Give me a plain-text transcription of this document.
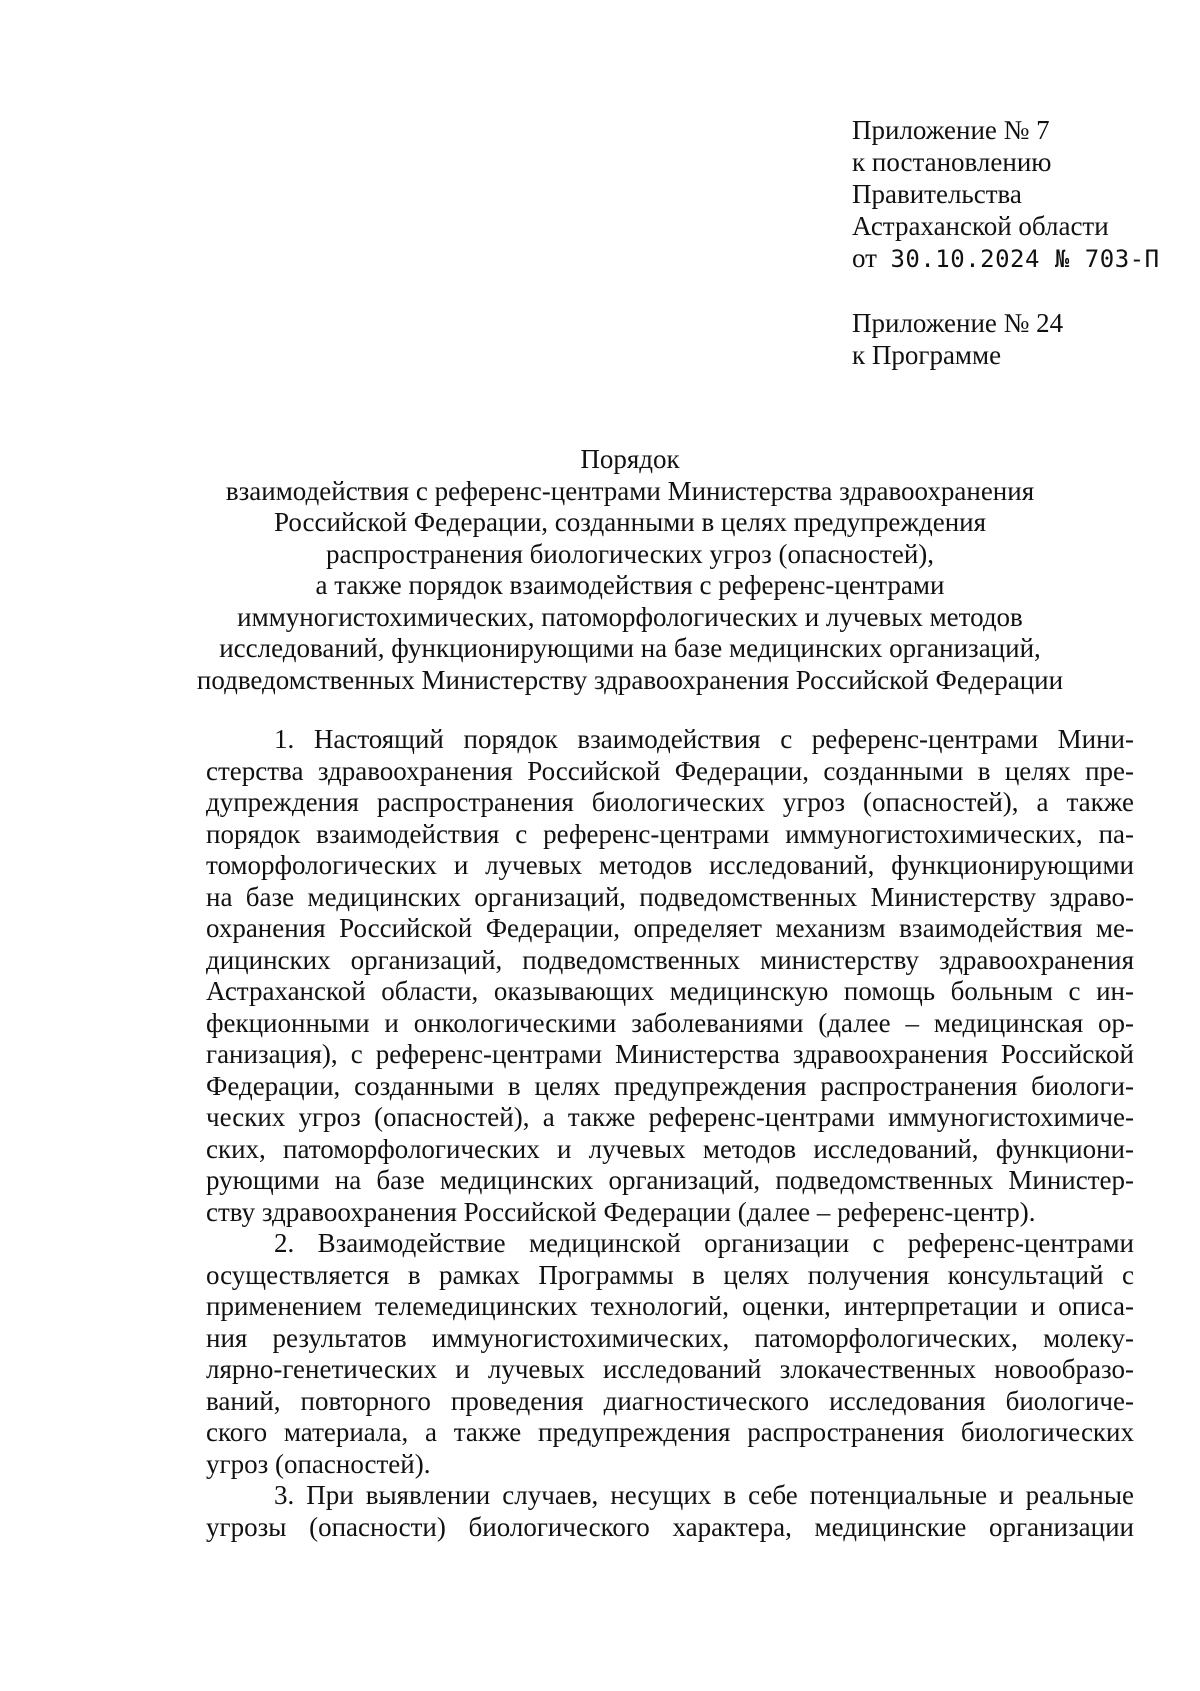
Приложение № 7
к постановлению
Правительства
Астраханской области
от 30.10.2024 № 703-П
Приложение № 24
к Программе
Порядок
взаимодействия с референс-центрами Министерства здравоохранения
Российской Федерации, созданными в целях предупреждения
распространения биологических угроз (опасностей),
а также порядок взаимодействия с референс-центрами
иммуногистохимических, патоморфологических и лучевых методов
исследований, функционирующими на базе медицинских организаций,
подведомственных Министерству здравоохранения Российской Федерации
1. Настоящий порядок взаимодействия с референс-центрами Мини-
стерства здравоохранения Российской Федерации, созданными в целях пре-
дупреждения распространения биологических угроз (опасностей), а также
порядок взаимодействия с референс-центрами иммуногистохимических, па-
томорфологических и лучевых методов исследований, функционирующими
на базе медицинских организаций, подведомственных Министерству здраво-
охранения Российской Федерации, определяет механизм взаимодействия ме-
дицинских организаций, подведомственных министерству здравоохранения
Астраханской области, оказывающих медицинскую помощь больным с ин-
фекционными и онкологическими заболеваниями (далее – медицинская ор-
ганизация), с референс-центрами Министерства здравоохранения Российской
Федерации, созданными в целях предупреждения распространения биологи-
ческих угроз (опасностей), а также референс-центрами иммуногистохимиче-
ских, патоморфологических и лучевых методов исследований, функциони-
рующими на базе медицинских организаций, подведомственных Министер-
ству здравоохранения Российской Федерации (далее – референс-центр).
2. Взаимодействие медицинской организации с референс-центрами
осуществляется в рамках Программы в целях получения консультаций с
применением телемедицинских технологий, оценки, интерпретации и описа-
ния результатов иммуногистохимических, патоморфологических, молеку-
лярно-генетических и лучевых исследований злокачественных новообразо-
ваний, повторного проведения диагностического исследования биологиче-
ского материала, а также предупреждения распространения биологических
угроз (опасностей).
3. При выявлении случаев, несущих в себе потенциальные и реальные
угрозы (опасности) биологического характера, медицинские организации
